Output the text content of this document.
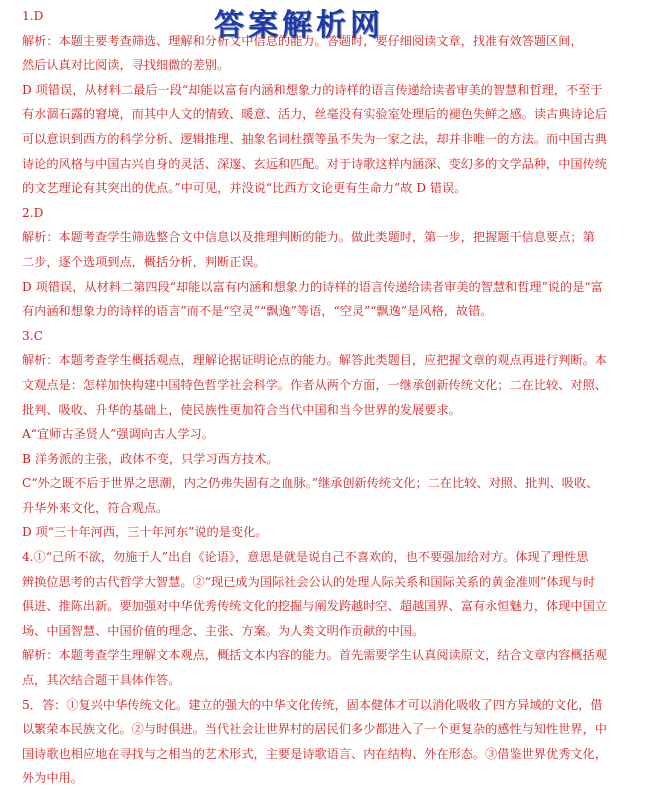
答案解析网
1.D
解析：本题主要考查筛选、理解和分析文中信息的能力。答题时，要仔细阅读文章，找准有效答题区间，
然后认真对比阅读，寻找细微的差别。
D 项错误，从材料二最后一段“却能以富有内涵和想象力的诗样的语言传递给读者审美的智慧和哲理，不至于
有水涸石露的窘境，而其中人文的情致、暖意、活力，丝毫没有实验室处理后的褪色失鲜之感。读古典诗论后
可以意识到西方的科学分析、逻辑推理、抽象名词杜撰等虽不失为一家之法，却并非唯一的方法。而中国古典
诗论的风格与中国古兴自身的灵活、深邃、玄远和匹配。对于诗歌这样内涵深、变幻多的文学品种，中国传统
的文艺理论有其突出的优点。”中可见，并没说“比西方文论更有生命力”故 D 错误。
2.D
解析：本题考查学生筛选整合文中信息以及推理判断的能力。做此类题时，第一步，把握题干信息要点；第
二步，逐个选项到点，概括分析，判断正误。
D 项错误，从材料二第四段“却能以富有内涵和想象力的诗样的语言传递给读者审美的智慧和哲理”说的是“富
有内涵和想象力的诗样的语言”而不是“空灵”“飘逸”等语，“空灵”“飘逸”是风格，故错。
3.C
解析：本题考查学生概括观点，理解论据证明论点的能力。解答此类题目，应把握文章的观点再进行判断。本
文观点是：怎样加快构建中国特色哲学社会科学。作者从两个方面，一继承创新传统文化；二在比较、对照、
批判、吸收、升华的基础上，使民族性更加符合当代中国和当今世界的发展要求。
A“宜师古圣贤人”强调向古人学习。
B 洋务派的主张，政体不变，只学习西方技术。
C“外之既不后于世界之思潮，内之仍弗失固有之血脉。”继承创新传统文化；二在比较、对照、批判、吸收、
升华外来文化，符合观点。
D 项“三十年河西，三十年河东”说的是变化。
4.①“己所不欲，勿施于人”出自《论语》，意思是就是说自己不喜欢的，也不要强加给对方。体现了理性思
辨换位思考的古代哲学大智慧。②“现已成为国际社会公认的处理人际关系和国际关系的黄金准则”体现与时
俱进、推陈出新。要加强对中华优秀传统文化的挖掘与阐发跨越时空、超越国界、富有永恒魅力，体现中国立
场、中国智慧、中国价值的理念、主张、方案。为人类文明作贡献的中国。
解析：本题考查学生理解文本观点，概括文本内容的能力。首先需要学生认真阅读原文，结合文章内容概括观
点，其次结合题干具体作答。
5．答：①复兴中华传统文化。建立的强大的中华文化传统，固本健体才可以消化吸收了四方异域的文化，借
以繁荣本民族文化。②与时俱进。当代社会让世界村的居民们多少都进入了一个更复杂的感性与知性世界，中
国诗歌也相应地在寻找与之相当的艺术形式，主要是诗歌语言、内在结构、外在形态。③借鉴世界优秀文化，
外为中用。
